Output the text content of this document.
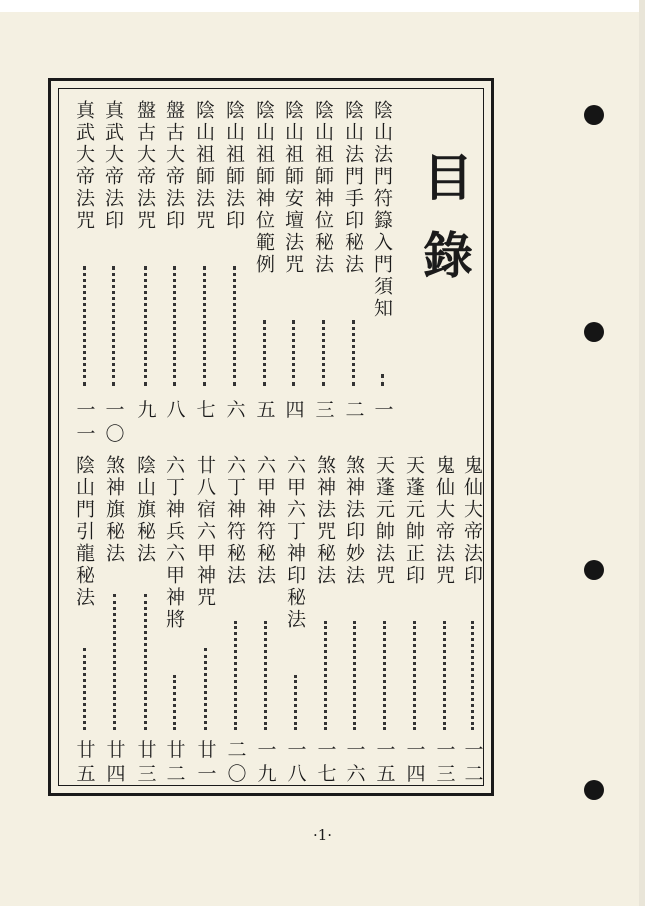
目
錄
陰山法門符籙入門須知
一
陰山法門手印秘法
二
陰山祖師神位秘法
三
陰山祖師安壇法咒
四
陰山祖師神位範例
五
陰山祖師法印
六
陰山祖師法咒
七
盤古大帝法印
八
盤古大帝法咒
九
真武大帝法印
一
〇
真武大帝法咒
一
一
鬼仙大帝法印
一
二
鬼仙大帝法咒
一
三
天蓬元帥正印
一
四
天蓬元帥法咒
一
五
煞神法印妙法
一
六
煞神法咒秘法
一
七
六甲六丁神印秘法
一
八
六甲神符秘法
一
九
六丁神符秘法
二
〇
廿八宿六甲神咒
廿
一
六丁神兵六甲神將
廿
二
陰山旗秘法
廿
三
煞神旗秘法
廿
四
陰山門引龍秘法
廿
五
·1·
